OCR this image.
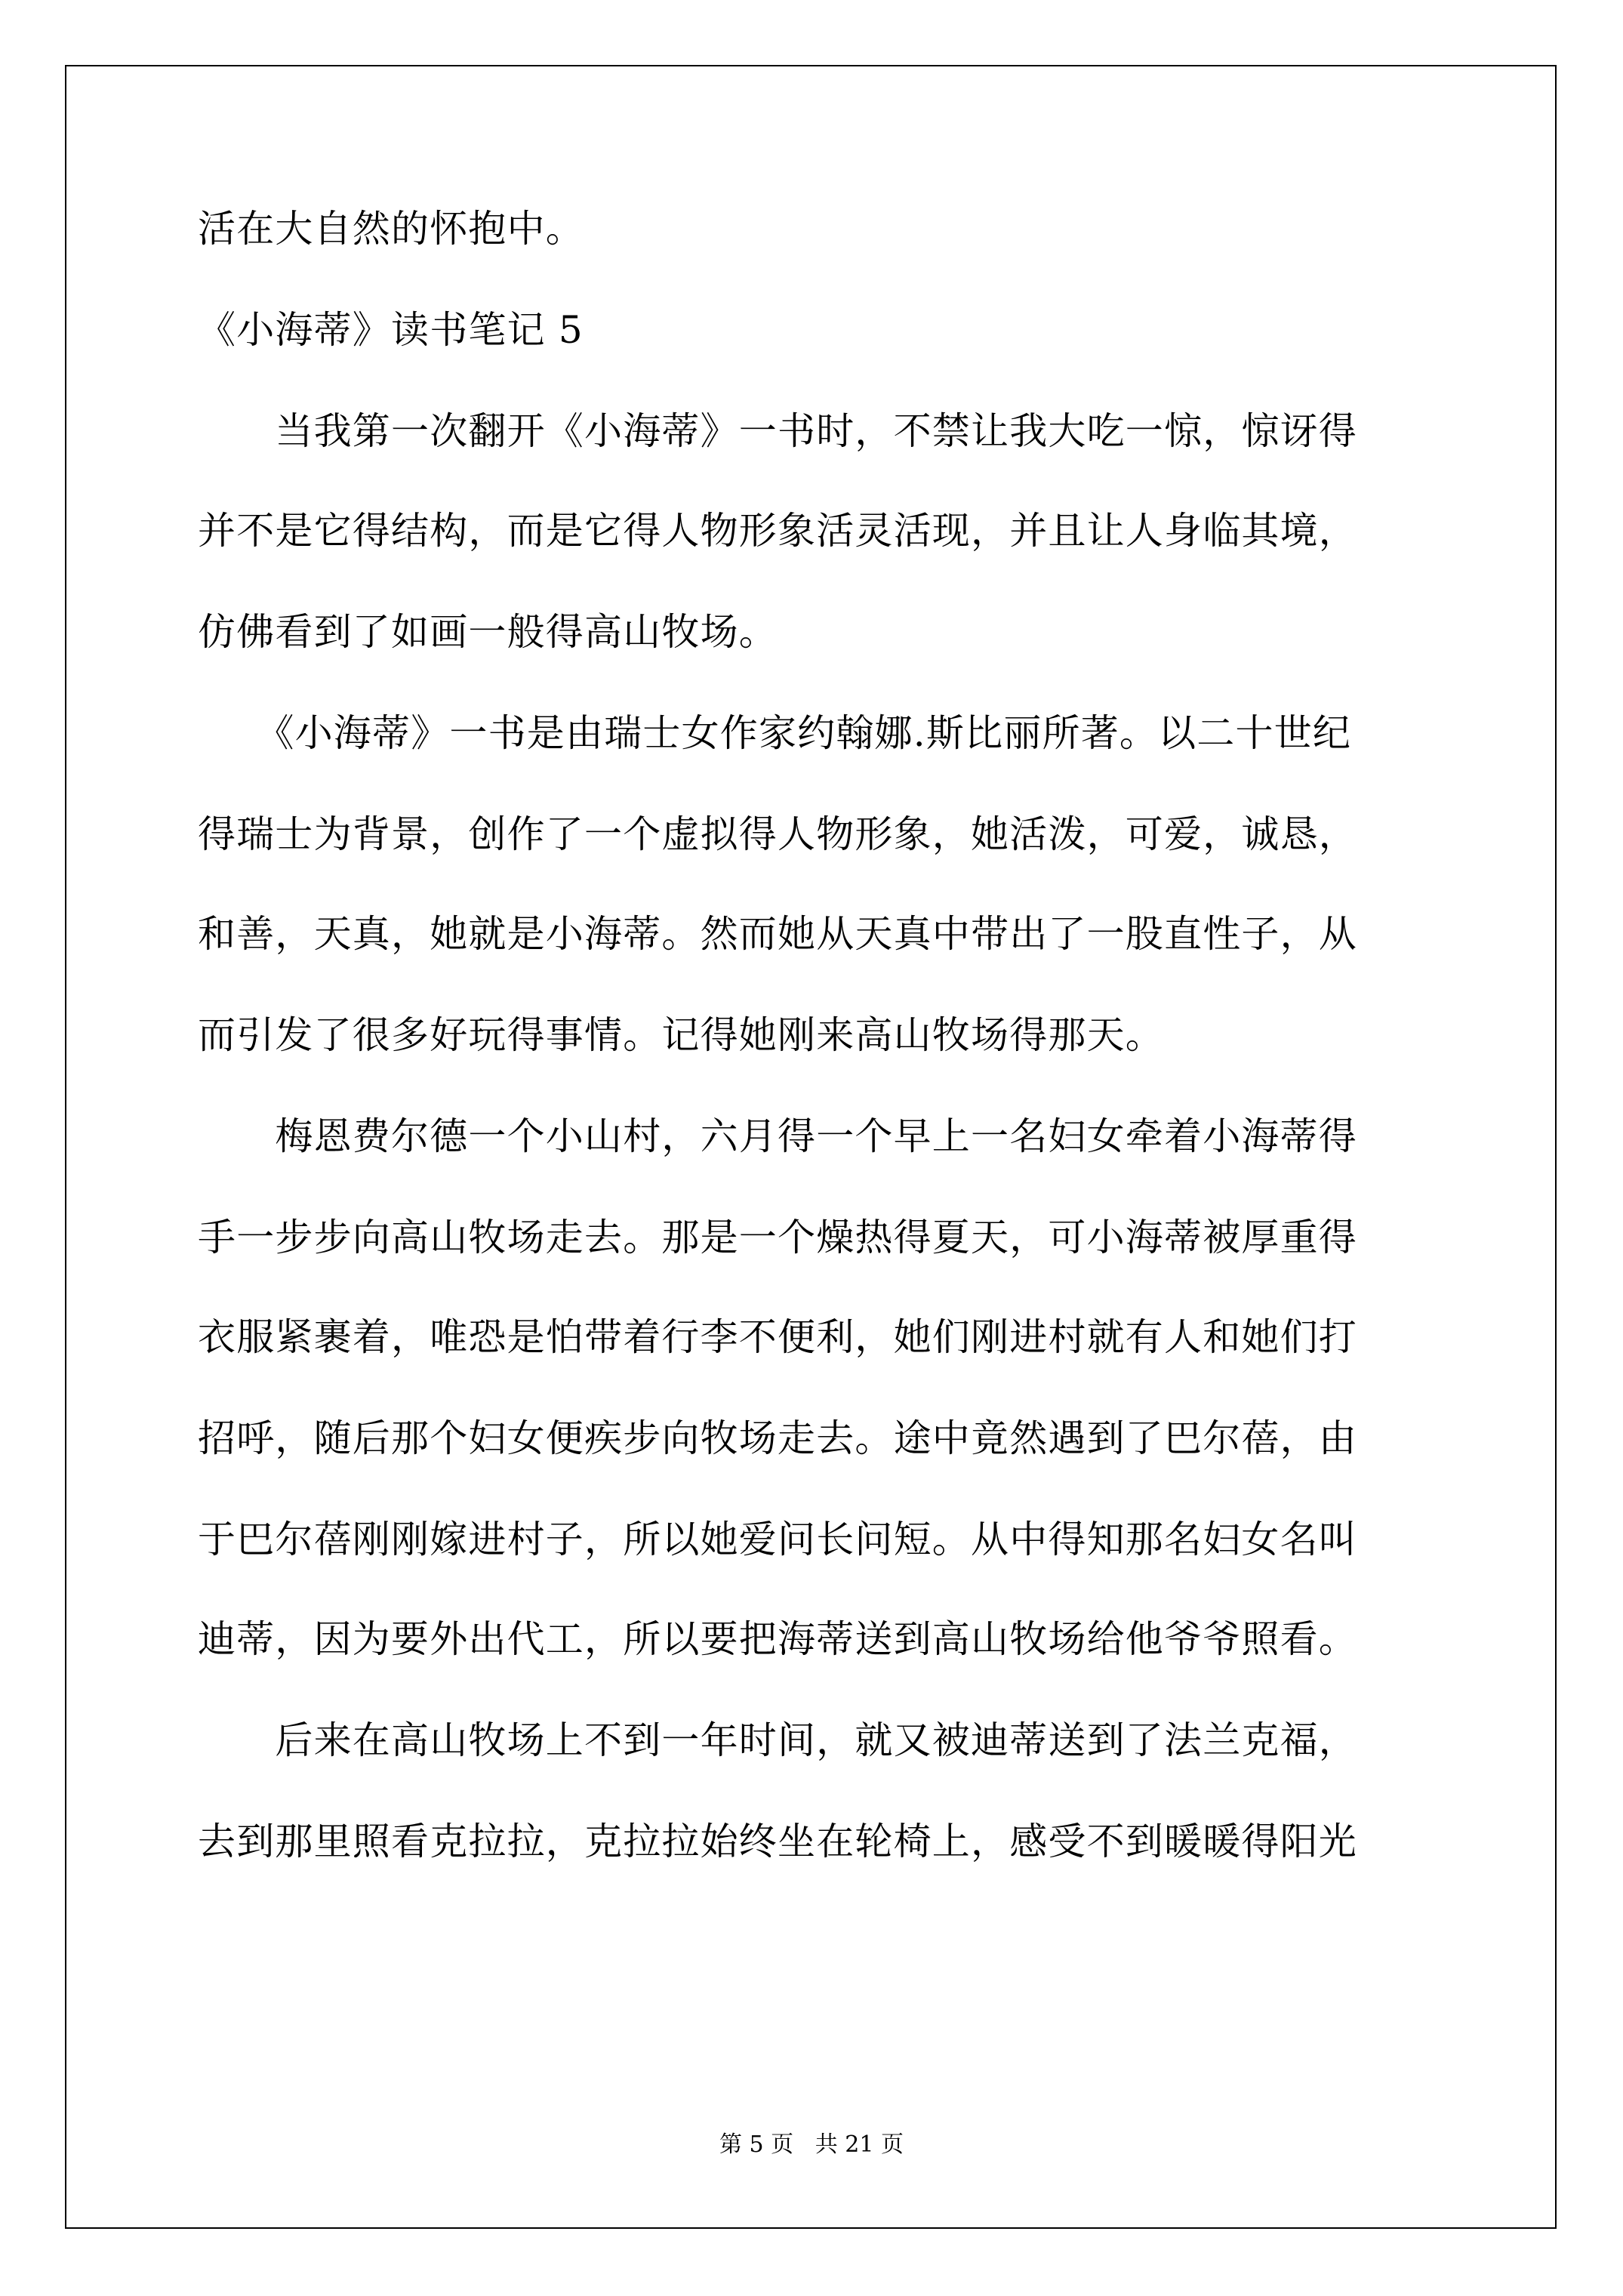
活在大自然的怀抱中。
《小海蒂》读书笔记 5
　　当我第一次翻开《小海蒂》一书时，不禁让我大吃一惊，惊讶得
并不是它得结构，而是它得人物形象活灵活现，并且让人身临其境，
仿佛看到了如画一般得高山牧场。
　　《小海蒂》一书是由瑞士女作家约翰娜.斯比丽所著。以二十世纪
得瑞士为背景，创作了一个虚拟得人物形象，她活泼，可爱，诚恳，
和善，天真，她就是小海蒂。然而她从天真中带出了一股直性子，从
而引发了很多好玩得事情。记得她刚来高山牧场得那天。
　　梅恩费尔德一个小山村，六月得一个早上一名妇女牵着小海蒂得
手一步步向高山牧场走去。那是一个燥热得夏天，可小海蒂被厚重得
衣服紧裹着，唯恐是怕带着行李不便利，她们刚进村就有人和她们打
招呼，随后那个妇女便疾步向牧场走去。途中竟然遇到了巴尔蓓，由
于巴尔蓓刚刚嫁进村子，所以她爱问长问短。从中得知那名妇女名叫
迪蒂，因为要外出代工，所以要把海蒂送到高山牧场给他爷爷照看。
　　后来在高山牧场上不到一年时间，就又被迪蒂送到了法兰克福，
去到那里照看克拉拉，克拉拉始终坐在轮椅上，感受不到暖暖得阳光
第 5 页   共 21 页
